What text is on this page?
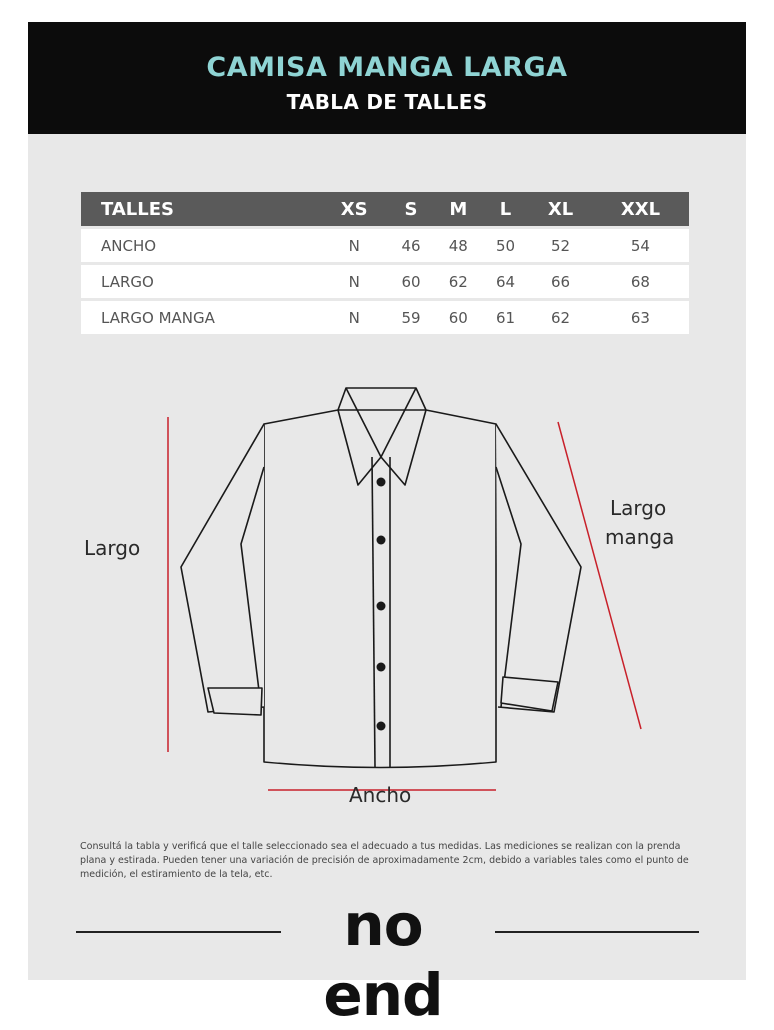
CAMISA MANGA LARGA
TABLA DE TALLES
TALLES	XS	S	M	L	XL	XXL
ANCHO	N	46	48	50	52	54
LARGO	N	60	62	64	66	68
LARGO MANGA	N	59	60	61	62	63
Largo
Largo
manga
Ancho
Consultá la tabla y verificá que el talle seleccionado sea el adecuado a tus medidas. Las mediciones se realizan con la prenda plana y estirada. Pueden tener una variación de precisión de aproximadamente 2cm, debido a variables tales como el punto de medición, el estiramiento de la tela, etc.
no end
